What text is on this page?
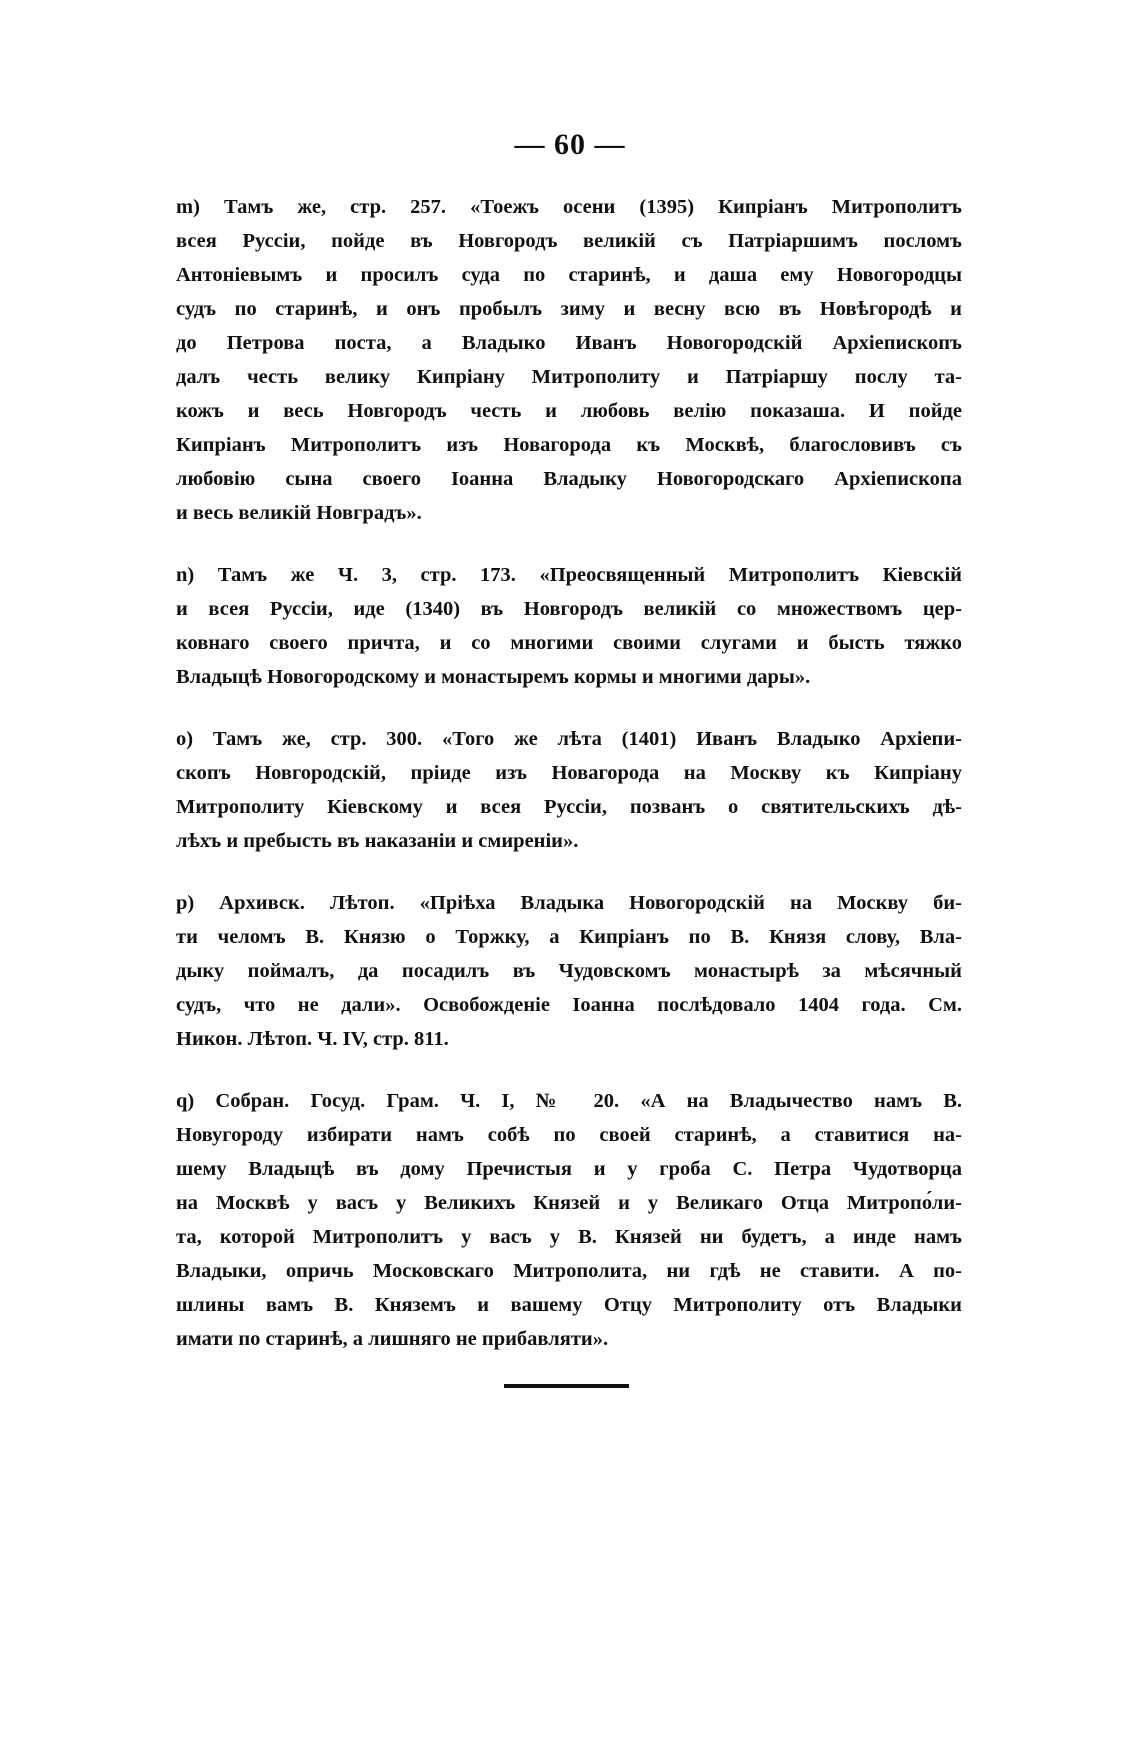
— 60 —
m) Тамъ же, стр. 257. «Тоежъ осени (1395) Кипріанъ Митрополитъ
всея Руссіи, пойде въ Новгородъ великій съ Патріаршимъ посломъ
Антоніевымъ и просилъ суда по старинѣ, и даша ему Новогородцы
судъ по старинѣ, и онъ пробылъ зиму и весну всю въ Новѣгородѣ и
до Петрова поста, а Владыко Иванъ Новогородскій Архіепископъ
далъ честь велику Кипріану Митрополиту и Патріаршу послу та-
кожъ и весь Новгородъ честь и любовь велію показаша. И пойде
Кипріанъ Митрополитъ изъ Новагорода къ Москвѣ, благословивъ съ
любовію сына своего Іоанна Владыку Новогородскаго Архіепископа
и весь великій Новградъ».
n) Тамъ же Ч. 3, стр. 173. «Преосвященный Митрополитъ Кіевскій
и всея Руссіи, иде (1340) въ Новгородъ великій со множествомъ цер-
ковнаго своего причта, и со многими своими слугами и бысть тяжко
Владыцѣ Новогородскому и монастыремъ кормы и многими дары».
o) Тамъ же, стр. 300. «Того же лѣта (1401) Иванъ Владыко Архіепи-
скопъ Новгородскій, пріиде изъ Новагорода на Москву къ Кипріану
Митрополиту Кіевскому и всея Руссіи, позванъ о святительскихъ дѣ-
лѣхъ и пребысть въ наказаніи и смиреніи».
p) Архивск. Лѣтоп. «Пріѣха Владыка Новогородскій на Москву би-
ти челомъ В. Князю о Торжку, а Кипріанъ по В. Князя слову, Вла-
дыку поймалъ, да посадилъ въ Чудовскомъ монастырѣ за мѣсячный
судъ, что не дали». Освобожденіе Іоанна послѣдовало 1404 года. См.
Никон. Лѣтоп. Ч. IV, стр. 811.
q) Собран. Госуд. Грам. Ч. I, № 20. «А на Владычество намъ В.
Новугороду избирати намъ собѣ по своей старинѣ, а ставитися на-
шему Владыцѣ въ дому Пречистыя и у гроба С. Петра Чудотворца
на Москвѣ у васъ у Великихъ Князей и у Великаго Отца Митропо́ли-
та, которой Митрополитъ у васъ у В. Князей ни будетъ, а инде намъ
Владыки, опричь Московскаго Митрополита, ни гдѣ не ставити. А по-
шлины вамъ В. Княземъ и вашему Отцу Митрополиту отъ Владыки
имати по старинѣ, а лишняго не прибавляти».
